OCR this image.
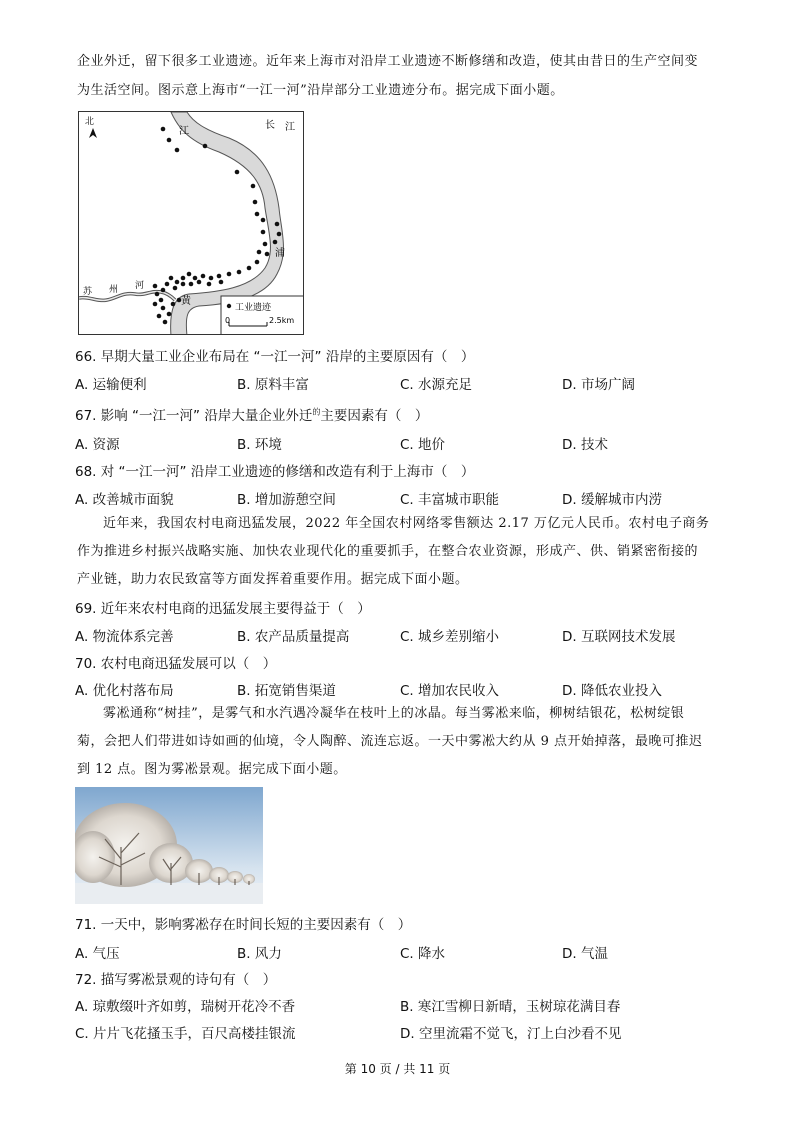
企业外迁，留下很多工业遗迹。近年来上海市对沿岸工业遗迹不断修缮和改造，使其由昔日的生产空间变

为生活空间。图示意上海市“一江一河”沿岸部分工业遗迹分布。据完成下面小题。

北
江
长 江
浦
黄
苏 州 河
工业遗迹
0	2.5km

66. 早期大量工业企业布局在 “一江一河” 沿岸的主要原因有（　）

A. 运输便利	B. 原料丰富	C. 水源充足	D. 市场广阔

67. 影响 “一江一河” 沿岸大量企业外迁$^的$主要因素有（　）

A. 资源	B. 环境	C. 地价	D. 技术

68. 对 “一江一河” 沿岸工业遗迹的修缮和改造有利于上海市（　）

A. 改善城市面貌	B. 增加游憩空间	C. 丰富城市职能	D. 缓解城市内涝

近年来，我国农村电商迅猛发展，2022 年全国农村网络零售额达 2.17 万亿元人民币。农村电子商务

作为推进乡村振兴战略实施、加快农业现代化的重要抓手，在整合农业资源，形成产、供、销紧密衔接的

产业链，助力农民致富等方面发挥着重要作用。据完成下面小题。

69. 近年来农村电商的迅猛发展主要得益于（　）

A. 物流体系完善	B. 农产品质量提高	C. 城乡差别缩小	D. 互联网技术发展

70. 农村电商迅猛发展可以（　）

A. 优化村落布局	B. 拓宽销售渠道	C. 增加农民收入	D. 降低农业投入

雾凇通称“树挂”，是雾气和水汽遇冷凝华在枝叶上的冰晶。每当雾凇来临，柳树结银花，松树绽银

菊，会把人们带进如诗如画的仙境，令人陶醉、流连忘返。一天中雾凇大约从 9 点开始掉落，最晚可推迟

到 12 点。图为雾凇景观。据完成下面小题。

71. 一天中，影响雾凇存在时间长短的主要因素有（　）

A. 气压	B. 风力	C. 降水	D. 气温

72. 描写雾凇景观的诗句有（　）

A. 琼敷缀叶齐如剪，瑞树开花冷不香	B. 寒江雪柳日新晴，玉树琼花满目春
C. 片片飞花搔玉手，百尺高楼挂银流	D. 空里流霜不觉飞，汀上白沙看不见
第 10 页 / 共 11 页
